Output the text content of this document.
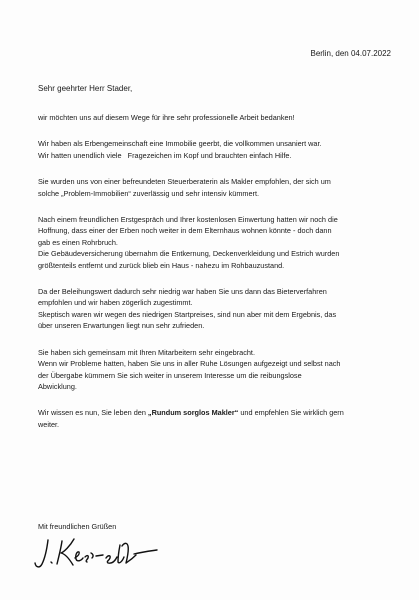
Berlin, den 04.07.2022
Sehr geehrter Herr Stader,
wir möchten uns auf diesem Wege für ihre sehr professionelle Arbeit bedanken!
Wir haben als Erbengemeinschaft eine Immobilie geerbt, die vollkommen unsaniert war.
Wir hatten unendlich viele   Fragezeichen im Kopf und brauchten einfach Hilfe.
Sie wurden uns von einer befreundeten Steuerberaterin als Makler empfohlen, der sich um
solche „Problem-Immobilien“ zuverlässig und sehr intensiv kümmert.
Nach einem freundlichen Erstgespräch und Ihrer kostenlosen Einwertung hatten wir noch die
Hoffnung, dass einer der Erben noch weiter in dem Elternhaus wohnen könnte - doch dann
gab es einen Rohrbruch.
Die Gebäudeversicherung übernahm die Entkernung, Deckenverkleidung und Estrich wurden
größtenteils entfernt und zurück blieb ein Haus - nahezu im Rohbauzustand.
Da der Beleihungswert dadurch sehr niedrig war haben Sie uns dann das Bieterverfahren
empfohlen und wir haben zögerlich zugestimmt.
Skeptisch waren wir wegen des niedrigen Startpreises, sind nun aber mit dem Ergebnis, das
über unseren Erwartungen liegt nun sehr zufrieden.
Sie haben sich gemeinsam mit Ihren Mitarbeitern sehr eingebracht.
Wenn wir Probleme hatten, haben Sie uns in aller Ruhe Lösungen aufgezeigt und selbst nach
der Übergabe kümmern Sie sich weiter in unserem Interesse um die reibungslose
Abwicklung.
Wir wissen es nun, Sie leben den „Rundum sorglos Makler“ und empfehlen Sie wirklich gern
weiter.
Mit freundlichen Grüßen
